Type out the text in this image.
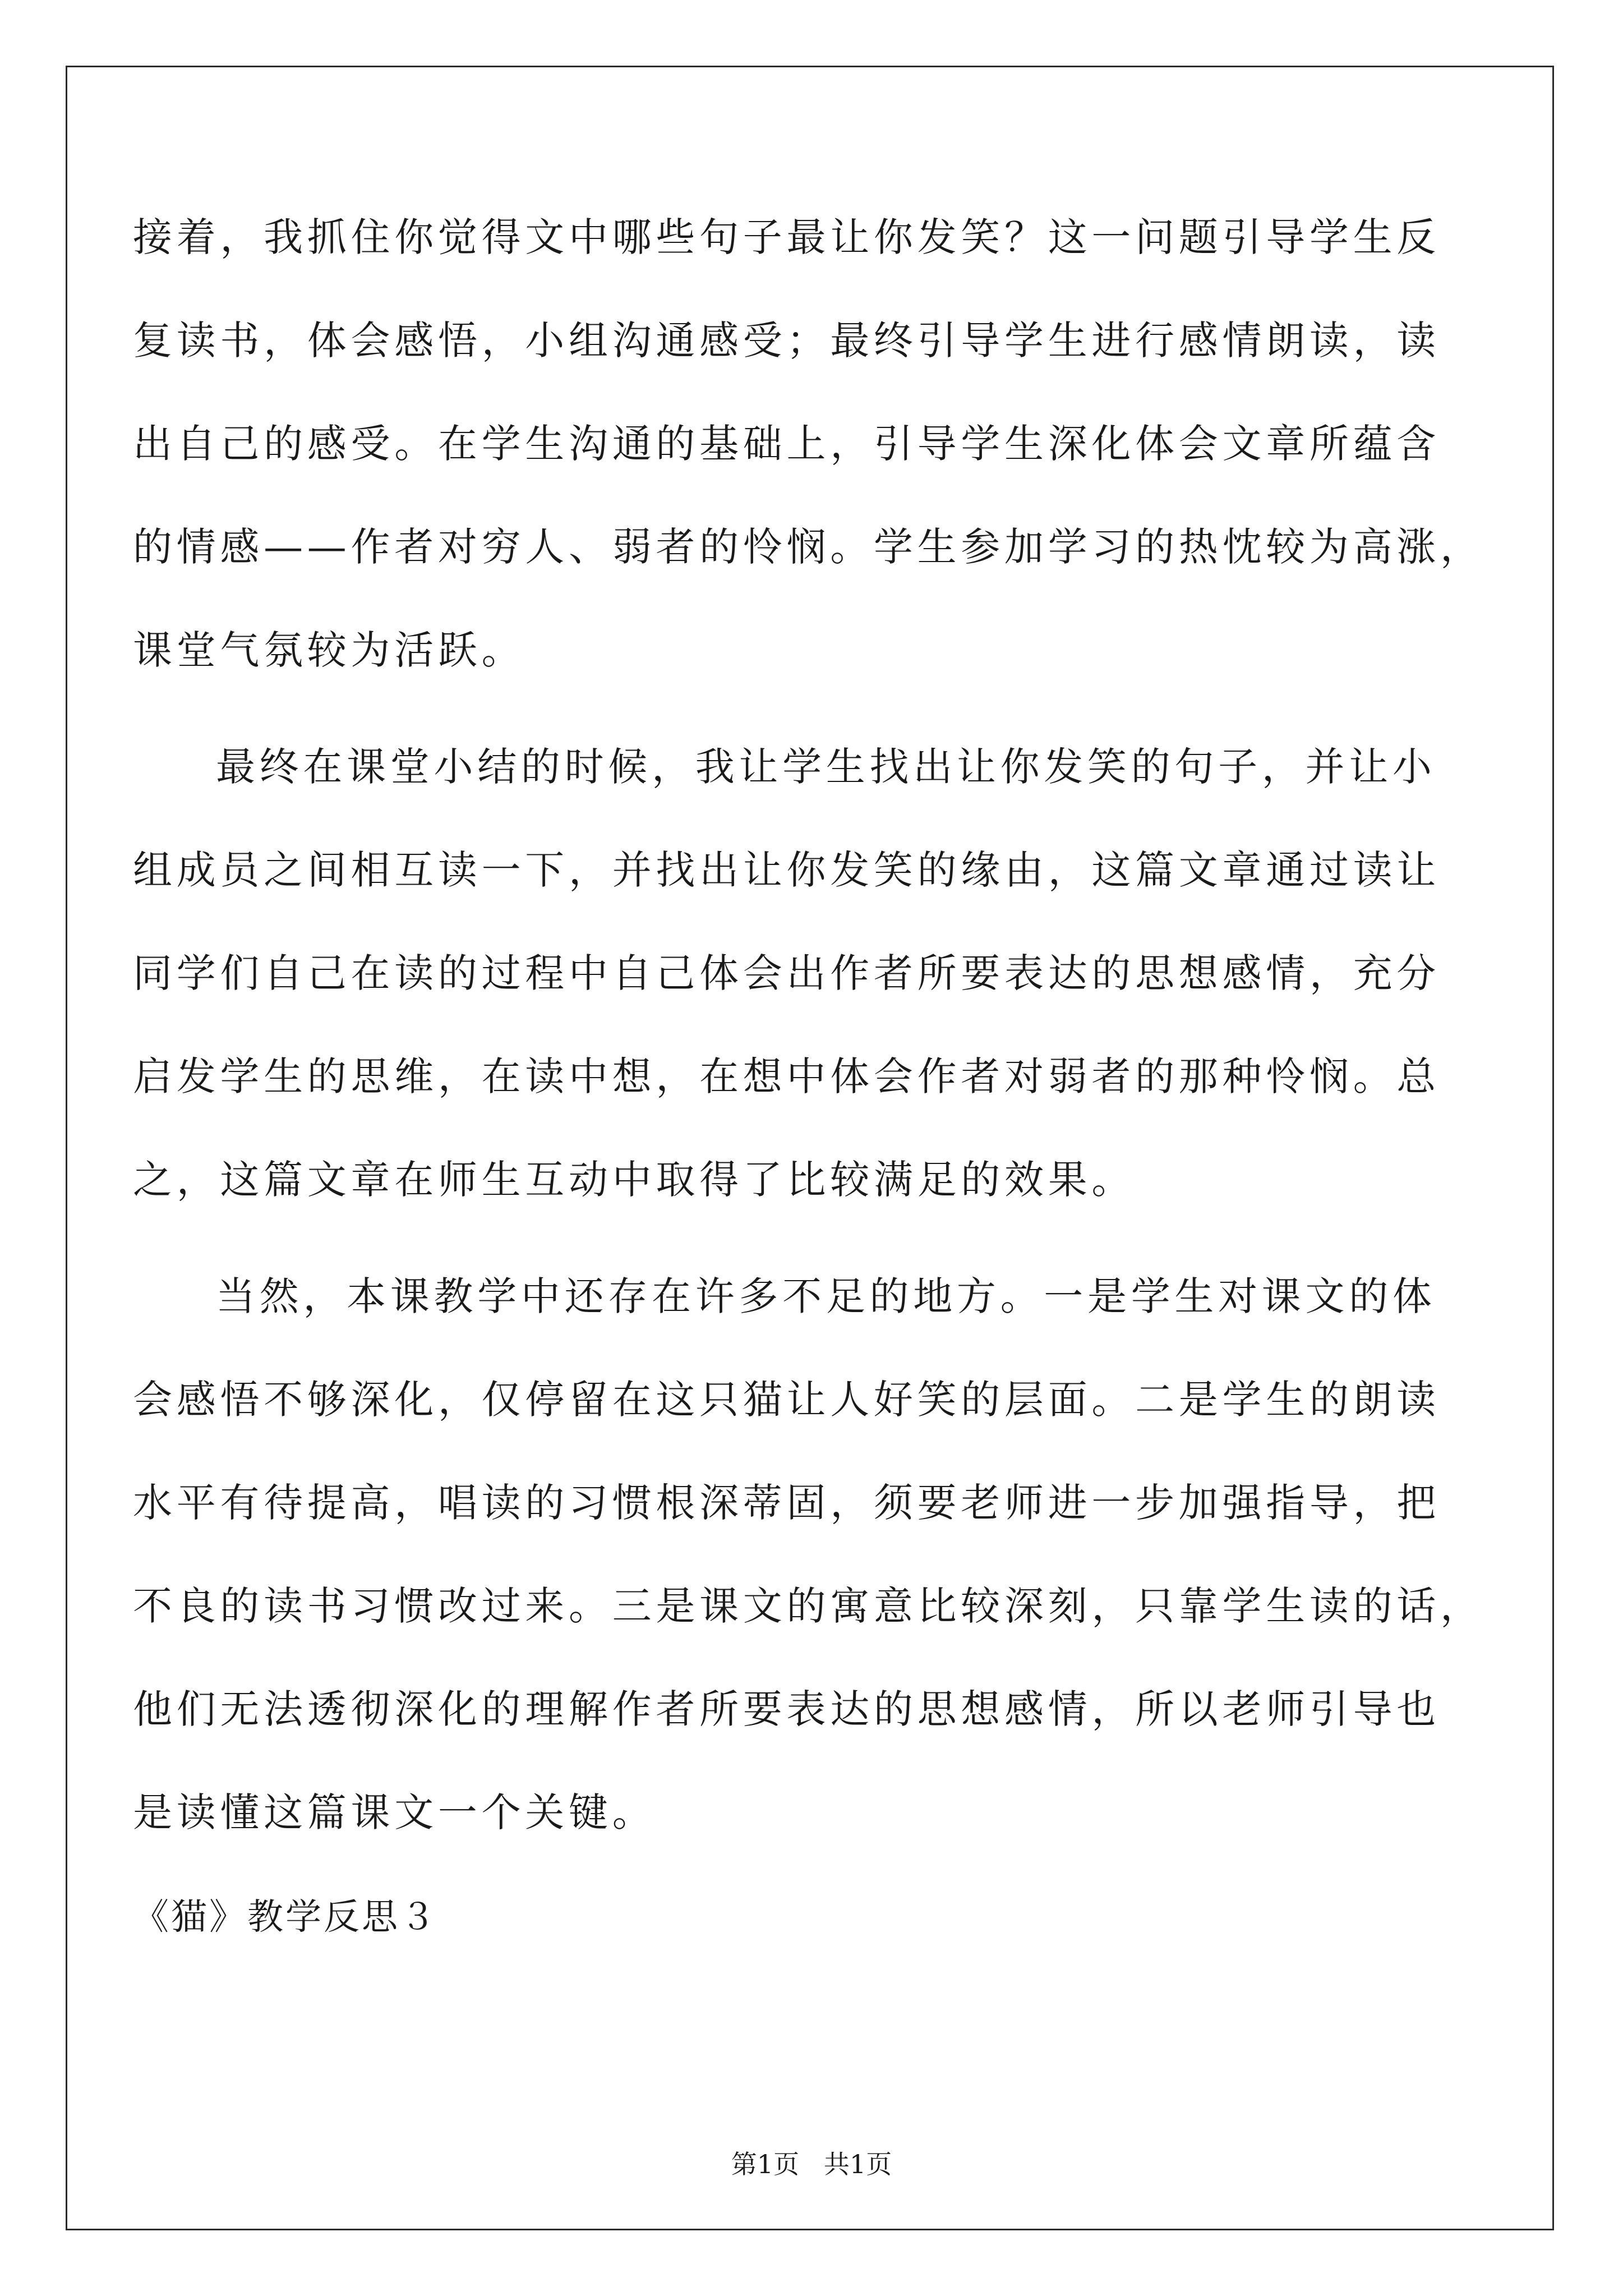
接着，我抓住你觉得文中哪些句子最让你发笑？这一问题引导学生反
复读书，体会感悟，小组沟通感受；最终引导学生进行感情朗读，读
出自己的感受。在学生沟通的基础上，引导学生深化体会文章所蕴含
的情感——作者对穷人、弱者的怜悯。学生参加学习的热忱较为高涨，
课堂气氛较为活跃。
最终在课堂小结的时候，我让学生找出让你发笑的句子，并让小
组成员之间相互读一下，并找出让你发笑的缘由，这篇文章通过读让
同学们自己在读的过程中自己体会出作者所要表达的思想感情，充分
启发学生的思维，在读中想，在想中体会作者对弱者的那种怜悯。总
之，这篇文章在师生互动中取得了比较满足的效果。
当然，本课教学中还存在许多不足的地方。一是学生对课文的体
会感悟不够深化，仅停留在这只猫让人好笑的层面。二是学生的朗读
水平有待提高，唱读的习惯根深蒂固，须要老师进一步加强指导，把
不良的读书习惯改过来。三是课文的寓意比较深刻，只靠学生读的话，
他们无法透彻深化的理解作者所要表达的思想感情，所以老师引导也
是读懂这篇课文一个关键。
《猫》教学反思３
第1页   共1页
